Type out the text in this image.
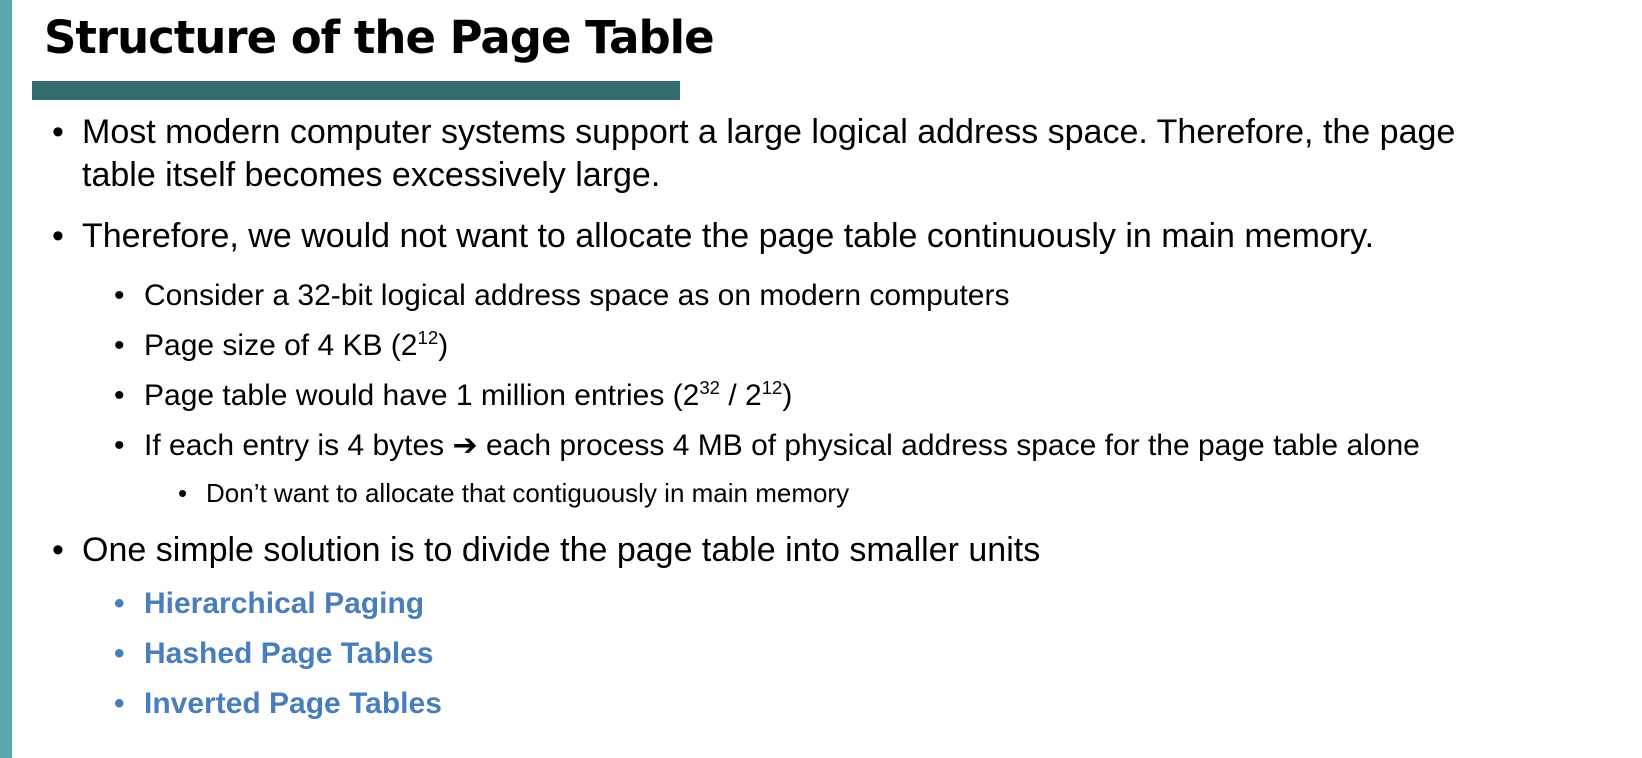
Structure of the Page Table
• Most modern computer systems support a large logical address space. Therefore, the page
table itself becomes excessively large.
• Therefore, we would not want to allocate the page table continuously in main memory.
• Consider a 32-bit logical address space as on modern computers
• Page size of 4 KB $(2^{12})$
• Page table would have 1 million entries $(2^{32} / 2^{12})$
• If each entry is 4 bytes ➔ each process 4 MB of physical address space for the page table alone
• Don’t want to allocate that contiguously in main memory
• One simple solution is to divide the page table into smaller units
• Hierarchical Paging
• Hashed Page Tables
• Inverted Page Tables
